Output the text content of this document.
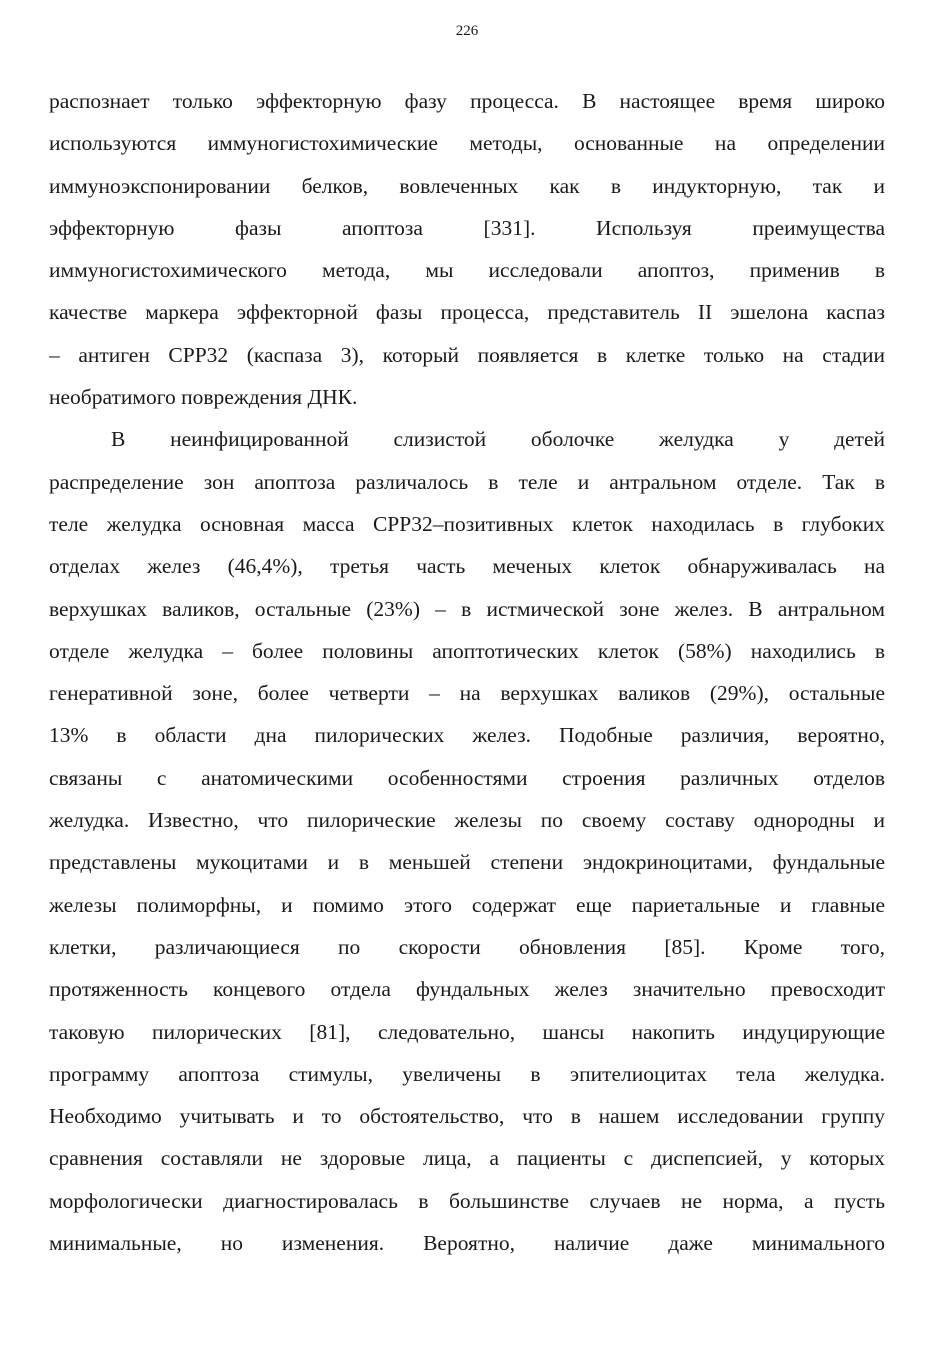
226
распознает только эффекторную фазу процесса. В настоящее время широко
используются иммуногистохимические методы, основанные на определении
иммуноэкспонировании белков, вовлеченных как в индукторную, так и
эффекторную фазы апоптоза [331]. Используя преимущества
иммуногистохимического метода, мы исследовали апоптоз, применив в
качестве маркера эффекторной фазы процесса, представитель II эшелона каспаз
– антиген CPP32 (каспаза 3), который появляется в клетке только на стадии
необратимого повреждения ДНК.
В неинфицированной слизистой оболочке желудка у детей
распределение зон апоптоза различалось в теле и антральном отделе. Так в
теле желудка основная масса CPP32–позитивных клеток находилась в глубоких
отделах желез (46,4%), третья часть меченых клеток обнаруживалась на
верхушках валиков, остальные (23%) – в истмической зоне желез. В антральном
отделе желудка – более половины апоптотических клеток (58%) находились в
генеративной зоне, более четверти – на верхушках валиков (29%), остальные
13% в области дна пилорических желез. Подобные различия, вероятно,
связаны с анатомическими особенностями строения различных отделов
желудка. Известно, что пилорические железы по своему составу однородны и
представлены мукоцитами и в меньшей степени эндокриноцитами, фундальные
железы полиморфны, и помимо этого содержат еще париетальные и главные
клетки, различающиеся по скорости обновления [85]. Кроме того,
протяженность концевого отдела фундальных желез значительно превосходит
таковую пилорических [81], следовательно, шансы накопить индуцирующие
программу апоптоза стимулы, увеличены в эпителиоцитах тела желудка.
Необходимо учитывать и то обстоятельство, что в нашем исследовании группу
сравнения составляли не здоровые лица, а пациенты с диспепсией, у которых
морфологически диагностировалась в большинстве случаев не норма, а пусть
минимальные, но изменения. Вероятно, наличие даже минимального
